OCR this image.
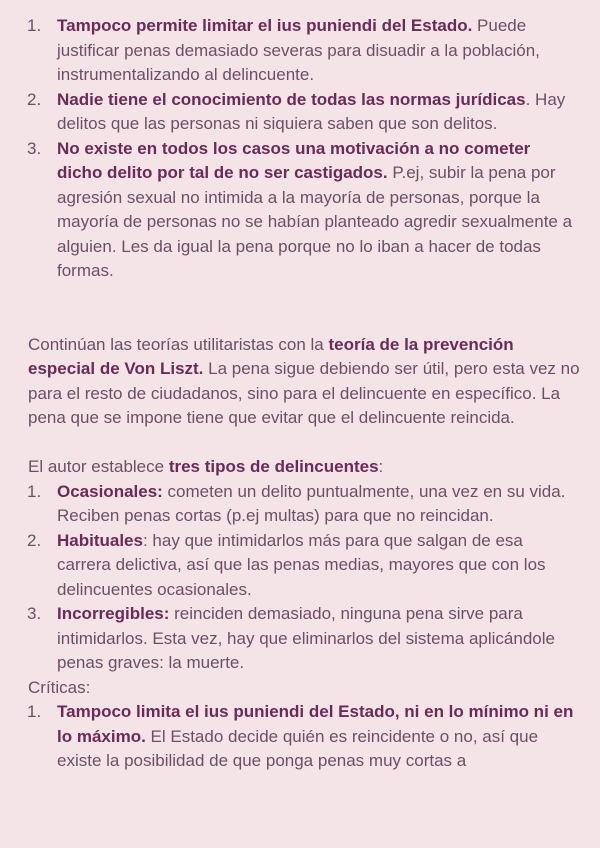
1. Tampoco permite limitar el ius puniendi del Estado. Puede justificar penas demasiado severas para disuadir a la población, instrumentalizando al delincuente.
2. Nadie tiene el conocimiento de todas las normas jurídicas. Hay delitos que las personas ni siquiera saben que son delitos.
3. No existe en todos los casos una motivación a no cometer dicho delito por tal de no ser castigados. P.ej, subir la pena por agresión sexual no intimida a la mayoría de personas, porque la mayoría de personas no se habían planteado agredir sexualmente a alguien. Les da igual la pena porque no lo iban a hacer de todas formas.

Continúan las teorías utilitaristas con la teoría de la prevención especial de Von Liszt. La pena sigue debiendo ser útil, pero esta vez no para el resto de ciudadanos, sino para el delincuente en específico. La pena que se impone tiene que evitar que el delincuente reincida.

El autor establece tres tipos de delincuentes:

1. Ocasionales: cometen un delito puntualmente, una vez en su vida. Reciben penas cortas (p.ej multas) para que no reincidan.
2. Habituales: hay que intimidarlos más para que salgan de esa carrera delictiva, así que las penas medias, mayores que con los delincuentes ocasionales.
3. Incorregibles: reinciden demasiado, ninguna pena sirve para intimidarlos. Esta vez, hay que eliminarlos del sistema aplicándole penas graves: la muerte.

Críticas:

1. Tampoco limita el ius puniendi del Estado, ni en lo mínimo ni en lo máximo. El Estado decide quién es reincidente o no, así que existe la posibilidad de que ponga penas muy cortas a
